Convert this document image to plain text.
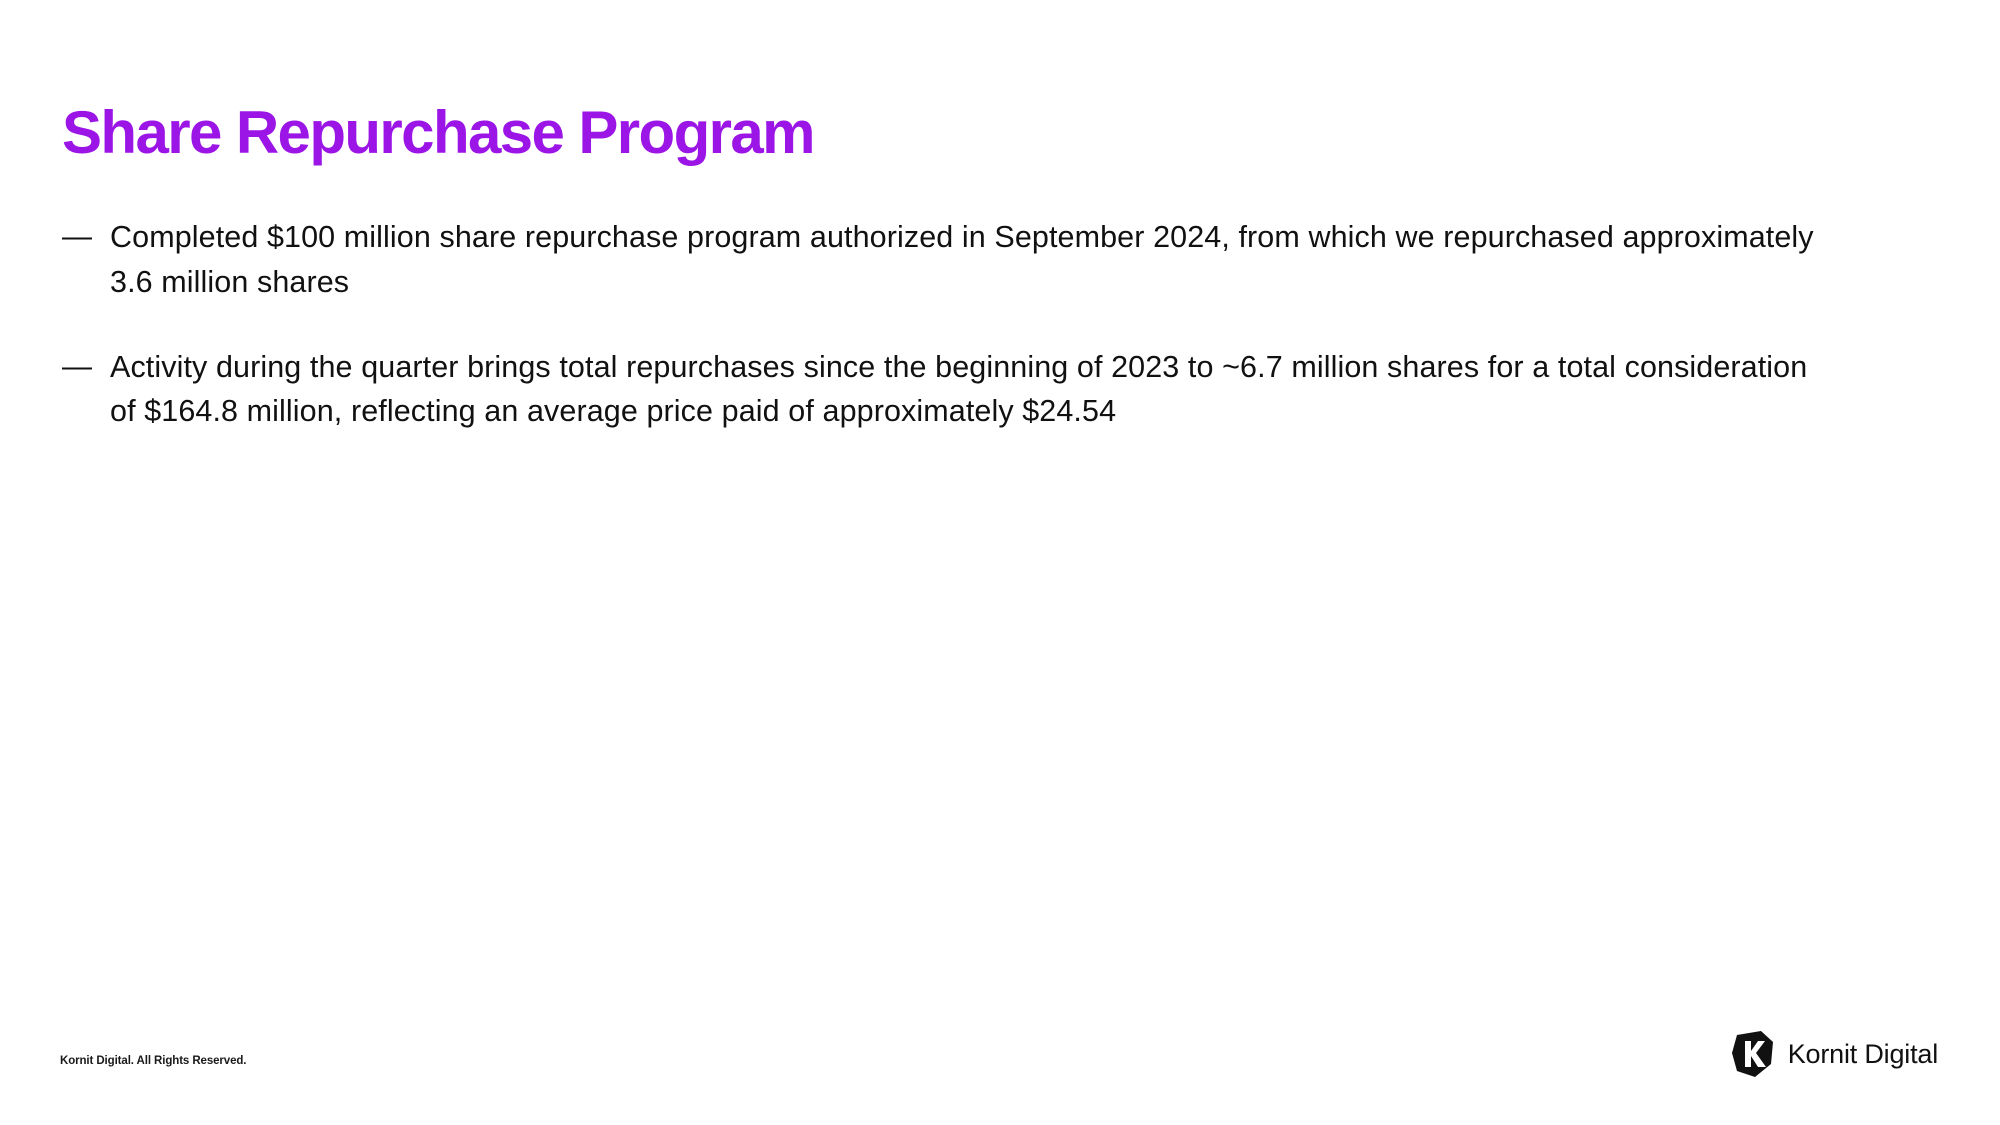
Share Repurchase Program
— Completed $100 million share repurchase program authorized in September 2024, from which we repurchased approximately 3.6 million shares
— Activity during the quarter brings total repurchases since the beginning of 2023 to ~6.7 million shares for a total consideration of $164.8 million, reflecting an average price paid of approximately $24.54
Kornit Digital. All Rights Reserved.	Kornit Digital
